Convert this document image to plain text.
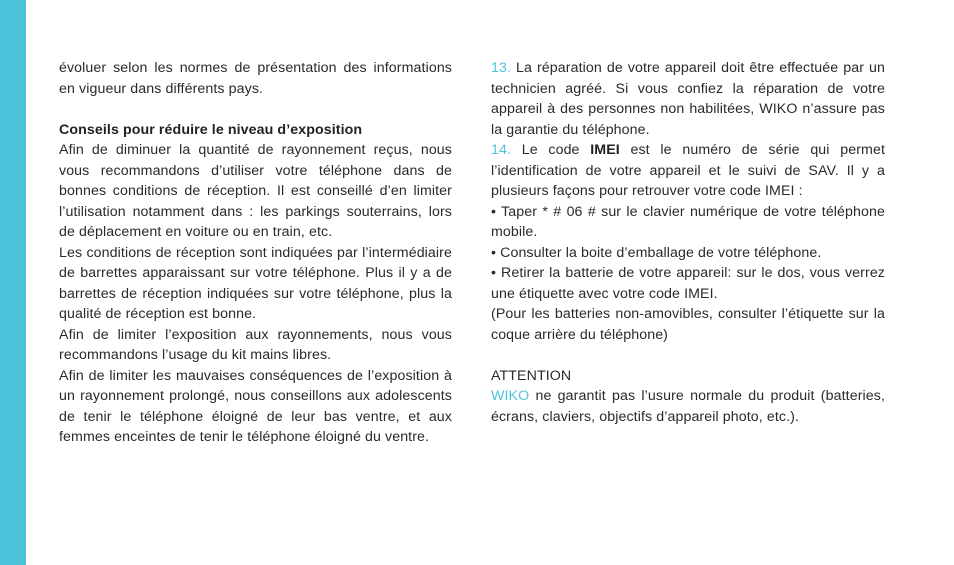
évoluer selon les normes de présentation des informations en vigueur dans différents pays.

Conseils pour réduire le niveau d’exposition

Afin de diminuer la quantité de rayonnement reçus, nous vous recommandons d’utiliser votre téléphone dans de bonnes conditions de réception. Il est conseillé d’en limiter l’utilisation notamment dans : les parkings souterrains, lors de déplacement en voiture ou en train, etc.

Les conditions de réception sont indiquées par l’intermédiaire de barrettes apparaissant sur votre téléphone. Plus il y a de barrettes de réception indiquées sur votre téléphone, plus la qualité de réception est bonne.

Afin de limiter l’exposition aux rayonnements, nous vous recommandons l’usage du kit mains libres.

Afin de limiter les mauvaises conséquences de l’exposition à un rayonnement prolongé, nous conseillons aux adolescents de tenir le téléphone éloigné de leur bas ventre, et aux femmes enceintes de tenir le téléphone éloigné du ventre.

13. La réparation de votre appareil doit être effectuée par un technicien agréé. Si vous confiez la réparation de votre appareil à des personnes non habilitées, WIKO n’assure pas la garantie du téléphone.

14. Le code IMEI est le numéro de série qui permet l’identification de votre appareil et le suivi de SAV. Il y a plusieurs façons pour retrouver votre code IMEI :

• Taper * # 06 # sur le clavier numérique de votre téléphone mobile.

• Consulter la boite d’emballage de votre téléphone.

• Retirer la batterie de votre appareil: sur le dos, vous verrez une étiquette avec votre code IMEI.

(Pour les batteries non-amovibles, consulter l’étiquette sur la coque arrière du téléphone)

ATTENTION

WIKO ne garantit pas l’usure normale du produit (batteries, écrans, claviers, objectifs d’appareil photo, etc.).
